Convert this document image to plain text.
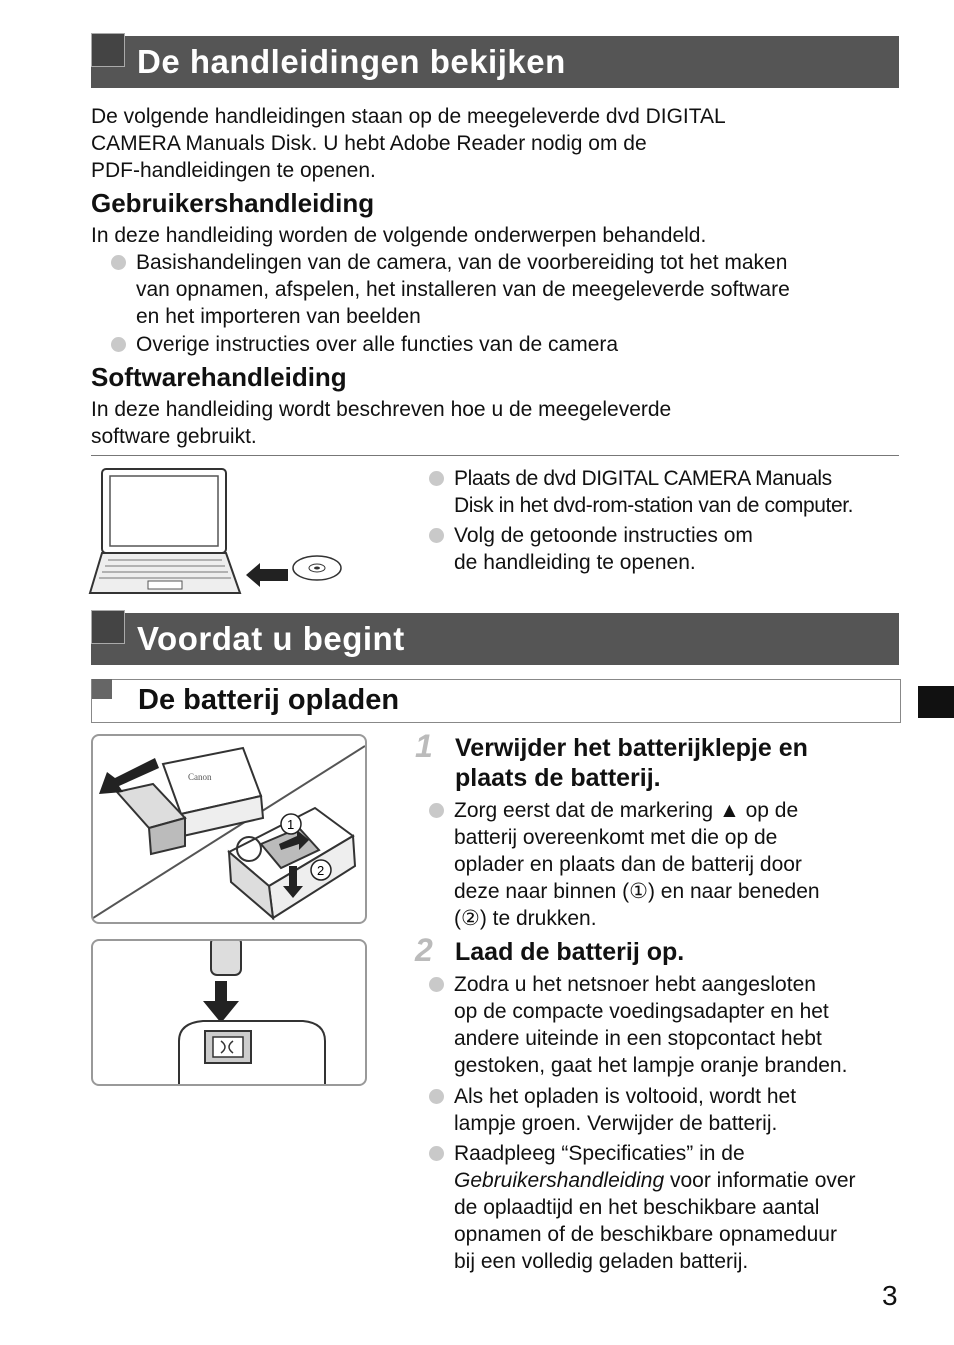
De handleidingen bekijken
De volgende handleidingen staan op de meegeleverde dvd DIGITAL
CAMERA Manuals Disk. U hebt Adobe Reader nodig om de
PDF-handleidingen te openen.
Gebruikershandleiding
In deze handleiding worden de volgende onderwerpen behandeld.
Basishandelingen van de camera, van de voorbereiding tot het maken
van opnamen, afspelen, het installeren van de meegeleverde software
en het importeren van beelden
Overige instructies over alle functies van de camera
Softwarehandleiding
In deze handleiding wordt beschreven hoe u de meegeleverde
software gebruikt.
Plaats de dvd DIGITAL CAMERA Manuals
Disk in het dvd-rom-station van de computer.
Volg de getoonde instructies om
de handleiding te openen.
Voordat u begint
De batterij opladen
Canon
1
2
1 Verwijder het batterijklepje en
plaats de batterij.
Zorg eerst dat de markering ▲ op de
batterij overeenkomt met die op de
oplader en plaats dan de batterij door
deze naar binnen (①) en naar beneden
(②) te drukken.
2 Laad de batterij op.
Zodra u het netsnoer hebt aangesloten
op de compacte voedingsadapter en het
andere uiteinde in een stopcontact hebt
gestoken, gaat het lampje oranje branden.
Als het opladen is voltooid, wordt het
lampje groen. Verwijder de batterij.
Raadpleeg “Specificaties” in de
Gebruikershandleiding voor informatie over
de oplaadtijd en het beschikbare aantal
opnamen of de beschikbare opnameduur
bij een volledig geladen batterij.
3
